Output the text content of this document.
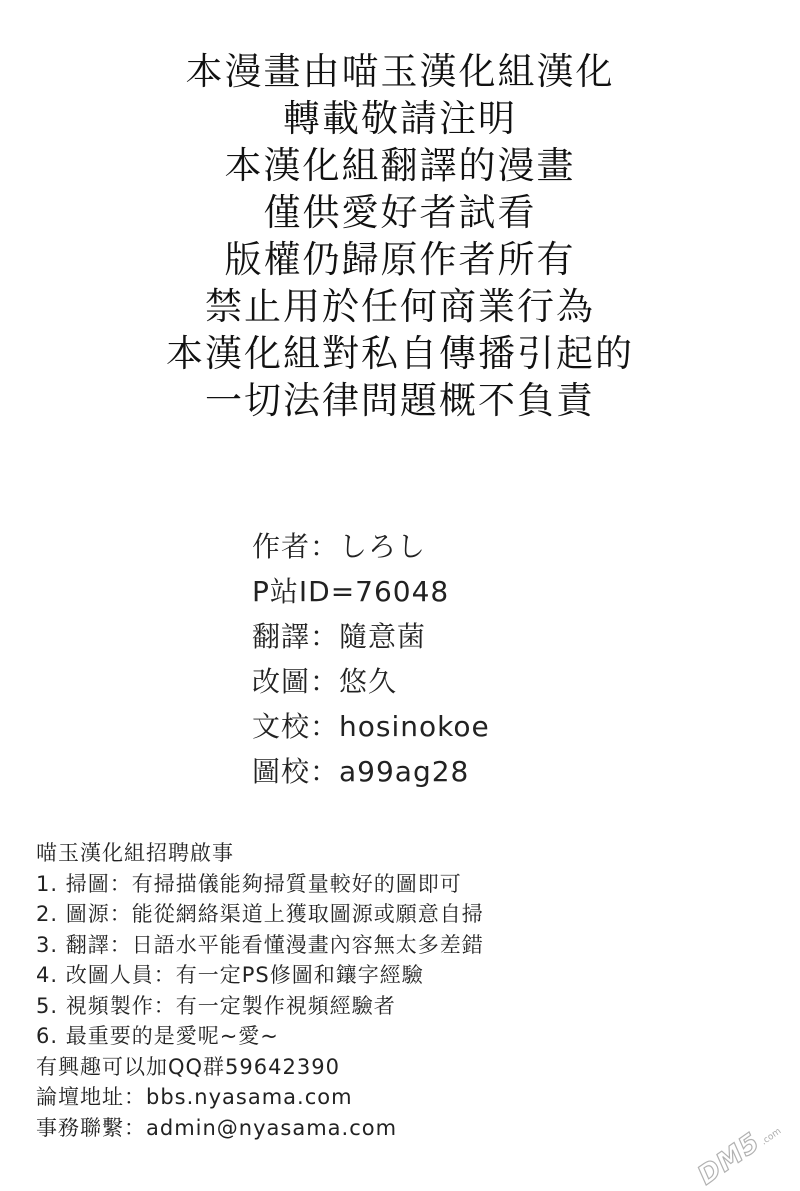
本漫畫由喵玉漢化組漢化
轉載敬請注明
本漢化組翻譯的漫畫
僅供愛好者試看
版權仍歸原作者所有
禁止用於任何商業行為
本漢化組對私自傳播引起的
一切法律問題概不負責
作者：しろし
P站ID=76048
翻譯：隨意菌
改圖：悠久
文校：hosinokoe
圖校：a99ag28
喵玉漢化組招聘啟事
1. 掃圖：有掃描儀能夠掃質量較好的圖即可
2. 圖源：能從網絡渠道上獲取圖源或願意自掃
3. 翻譯：日語水平能看懂漫畫內容無太多差錯
4. 改圖人員：有一定PS修圖和鑲字經驗
5. 視頻製作：有一定製作視頻經驗者
6. 最重要的是愛呢~愛~
有興趣可以加QQ群59642390
論壇地址：bbs.nyasama.com
事務聯繫：admin@nyasama.com	DM5.com
